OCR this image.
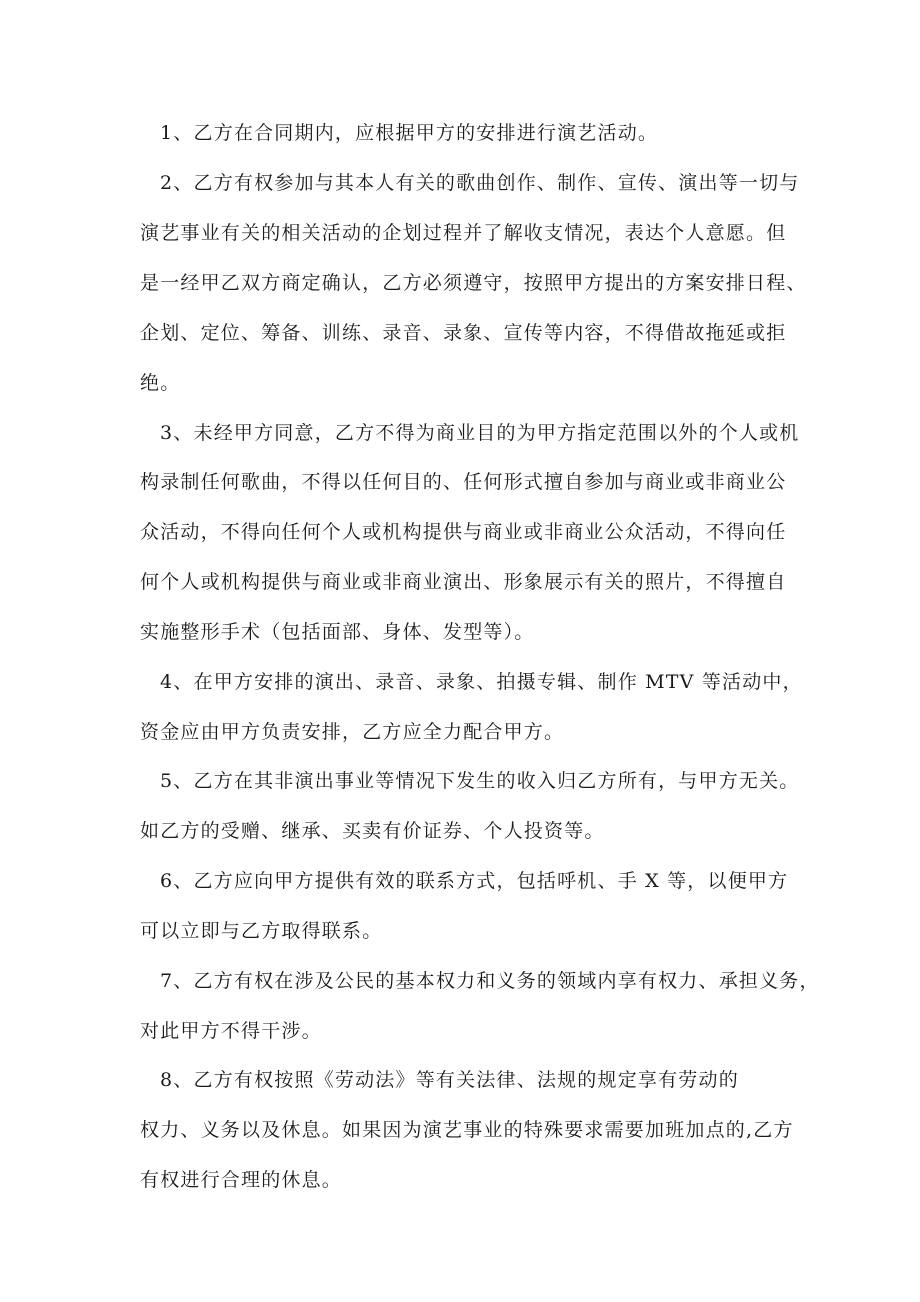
1、乙方在合同期内，应根据甲方的安排进行演艺活动。

2、乙方有权参加与其本人有关的歌曲创作、制作、宣传、演出等一切与

演艺事业有关的相关活动的企划过程并了解收支情况，表达个人意愿。但

是一经甲乙双方商定确认，乙方必须遵守，按照甲方提出的方案安排日程、

企划、定位、筹备、训练、录音、录象、宣传等内容，不得借故拖延或拒

绝。

3、未经甲方同意，乙方不得为商业目的为甲方指定范围以外的个人或机

构录制任何歌曲，不得以任何目的、任何形式擅自参加与商业或非商业公

众活动，不得向任何个人或机构提供与商业或非商业公众活动，不得向任

何个人或机构提供与商业或非商业演出、形象展示有关的照片，不得擅自

实施整形手术（包括面部、身体、发型等）。

4、在甲方安排的演出、录音、录象、拍摄专辑、制作 MTV 等活动中，

资金应由甲方负责安排，乙方应全力配合甲方。

5、乙方在其非演出事业等情况下发生的收入归乙方所有，与甲方无关。

如乙方的受赠、继承、买卖有价证券、个人投资等。

6、乙方应向甲方提供有效的联系方式，包括呼机、手 X 等，以便甲方

可以立即与乙方取得联系。

7、乙方有权在涉及公民的基本权力和义务的领域内享有权力、承担义务，

对此甲方不得干涉。

8、乙方有权按照《劳动法》等有关法律、法规的规定享有劳动的

权力、义务以及休息。如果因为演艺事业的特殊要求需要加班加点的,乙方

有权进行合理的休息。
